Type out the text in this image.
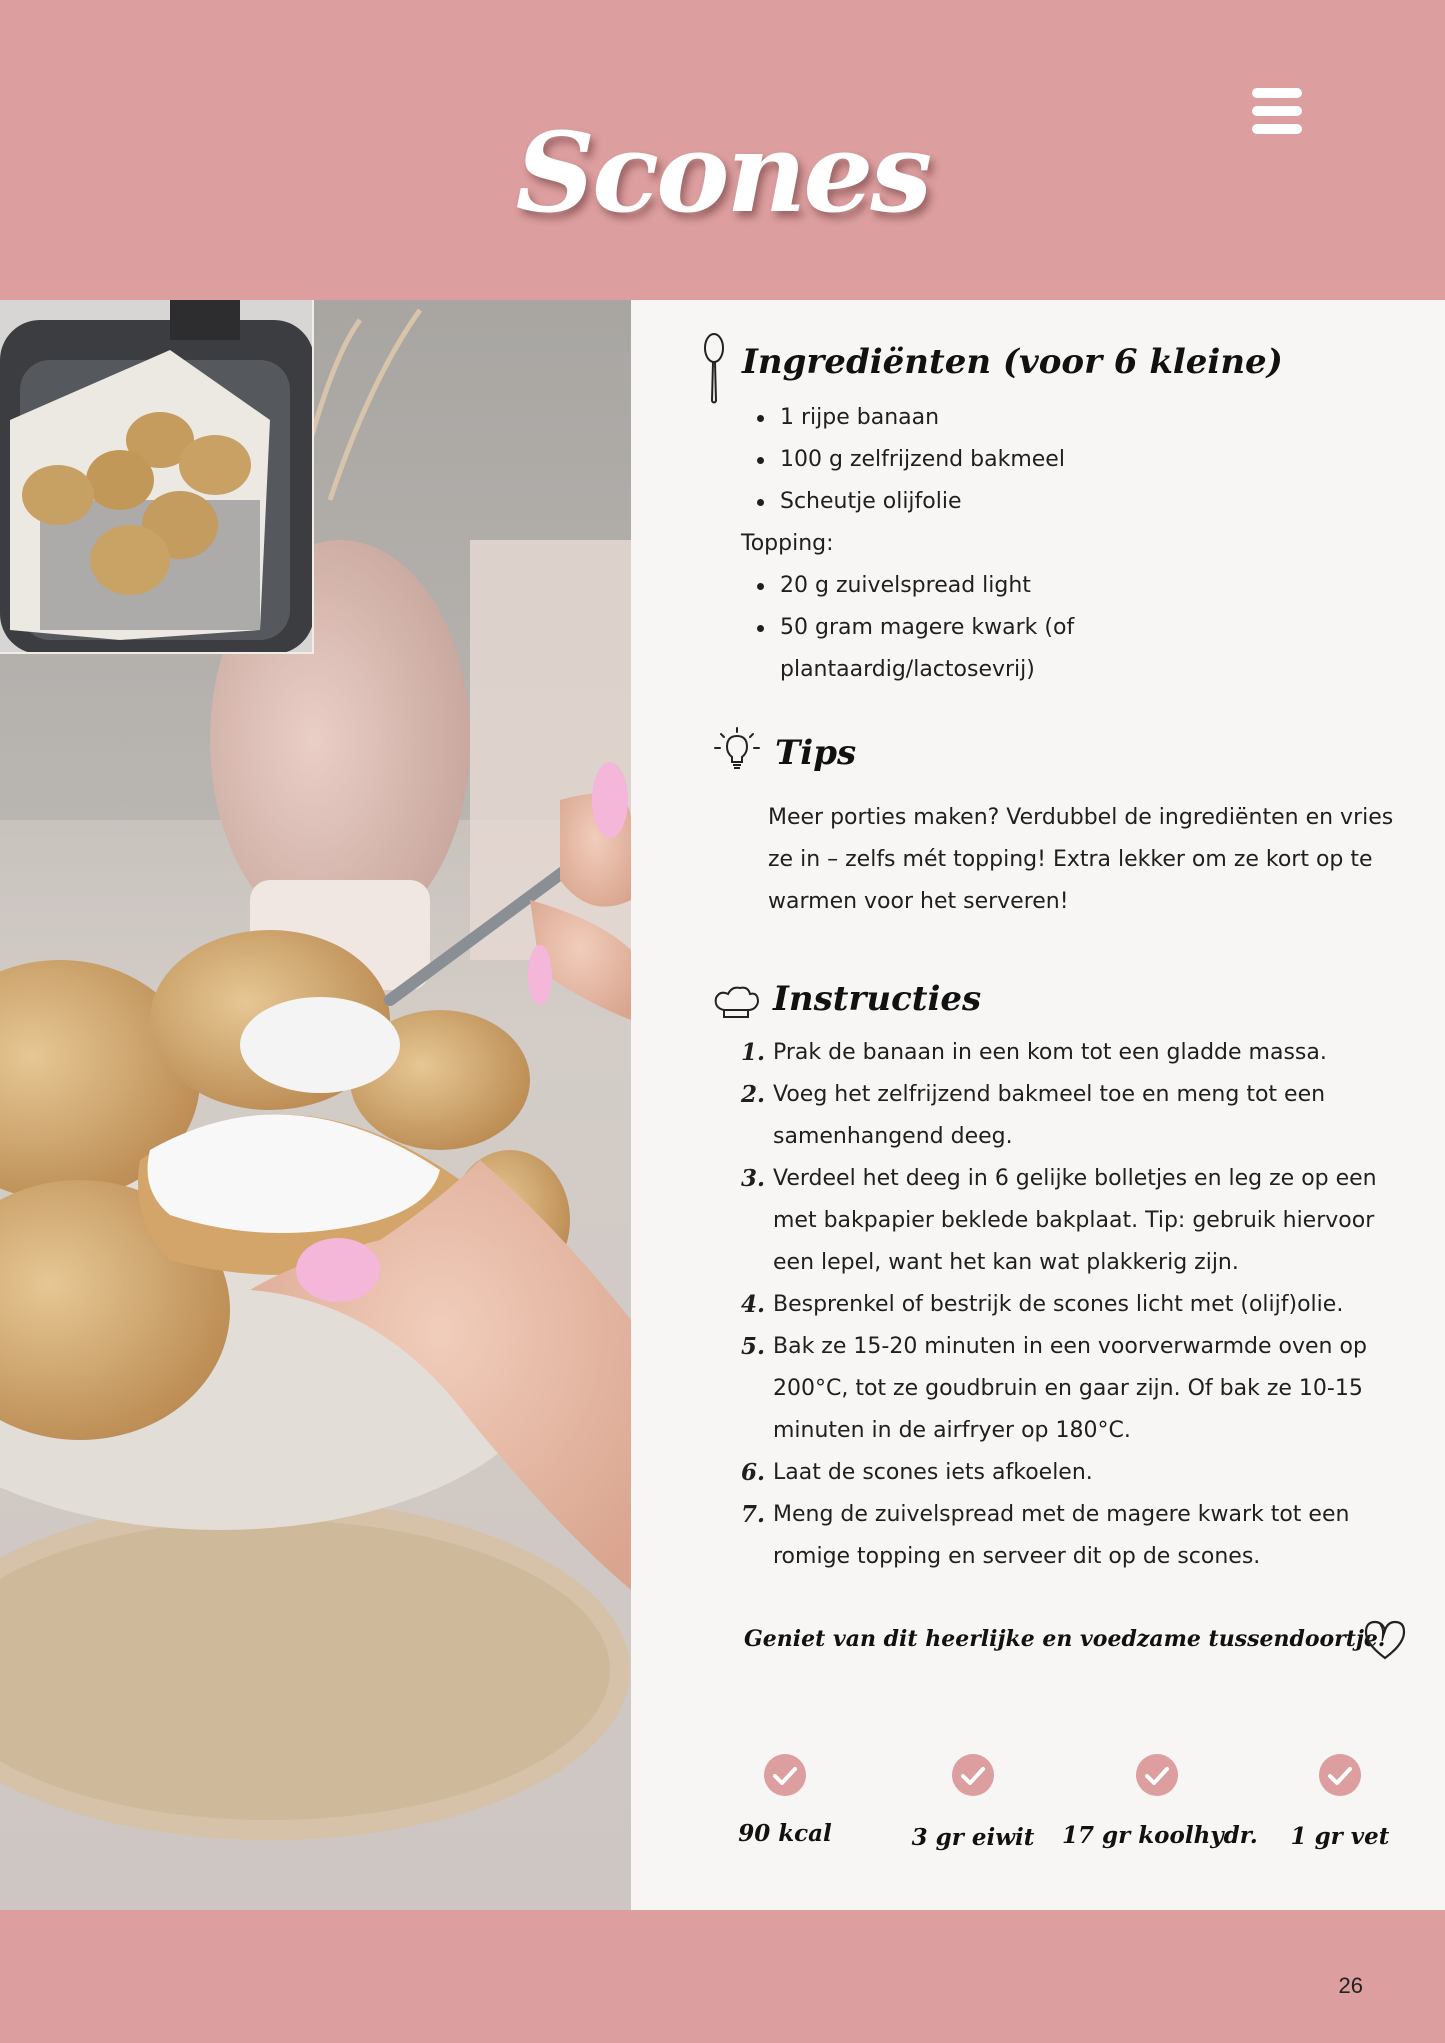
Scones
Ingrediënten (voor 6 kleine)
1 rijpe banaan
100 g zelfrijzend bakmeel
Scheutje olijfolie
Topping:
20 g zuivelspread light
50 gram magere kwark (of plantaardig/lactosevrij)
Tips

Meer porties maken? Verdubbel de ingrediënten en vries ze in – zelfs mét topping! Extra lekker om ze kort op te warmen voor het serveren!

Instructies
1. Prak de banaan in een kom tot een gladde massa.
2. Voeg het zelfrijzend bakmeel toe en meng tot een samenhangend deeg.
3. Verdeel het deeg in 6 gelijke bolletjes en leg ze op een met bakpapier beklede bakplaat. Tip: gebruik hiervoor een lepel, want het kan wat plakkerig zijn.
4. Besprenkel of bestrijk de scones licht met (olijf)olie.
5. Bak ze 15-20 minuten in een voorverwarmde oven op 200°C, tot ze goudbruin en gaar zijn. Of bak ze 10-15 minuten in de airfryer op 180°C.
6. Laat de scones iets afkoelen.
7. Meng de zuivelspread met de magere kwark tot een romige topping en serveer dit op de scones.

Geniet van dit heerlijke en voedzame tussendoortje!

90 kcal	3 gr eiwit	17 gr koolhydr.	1 gr vet
26
